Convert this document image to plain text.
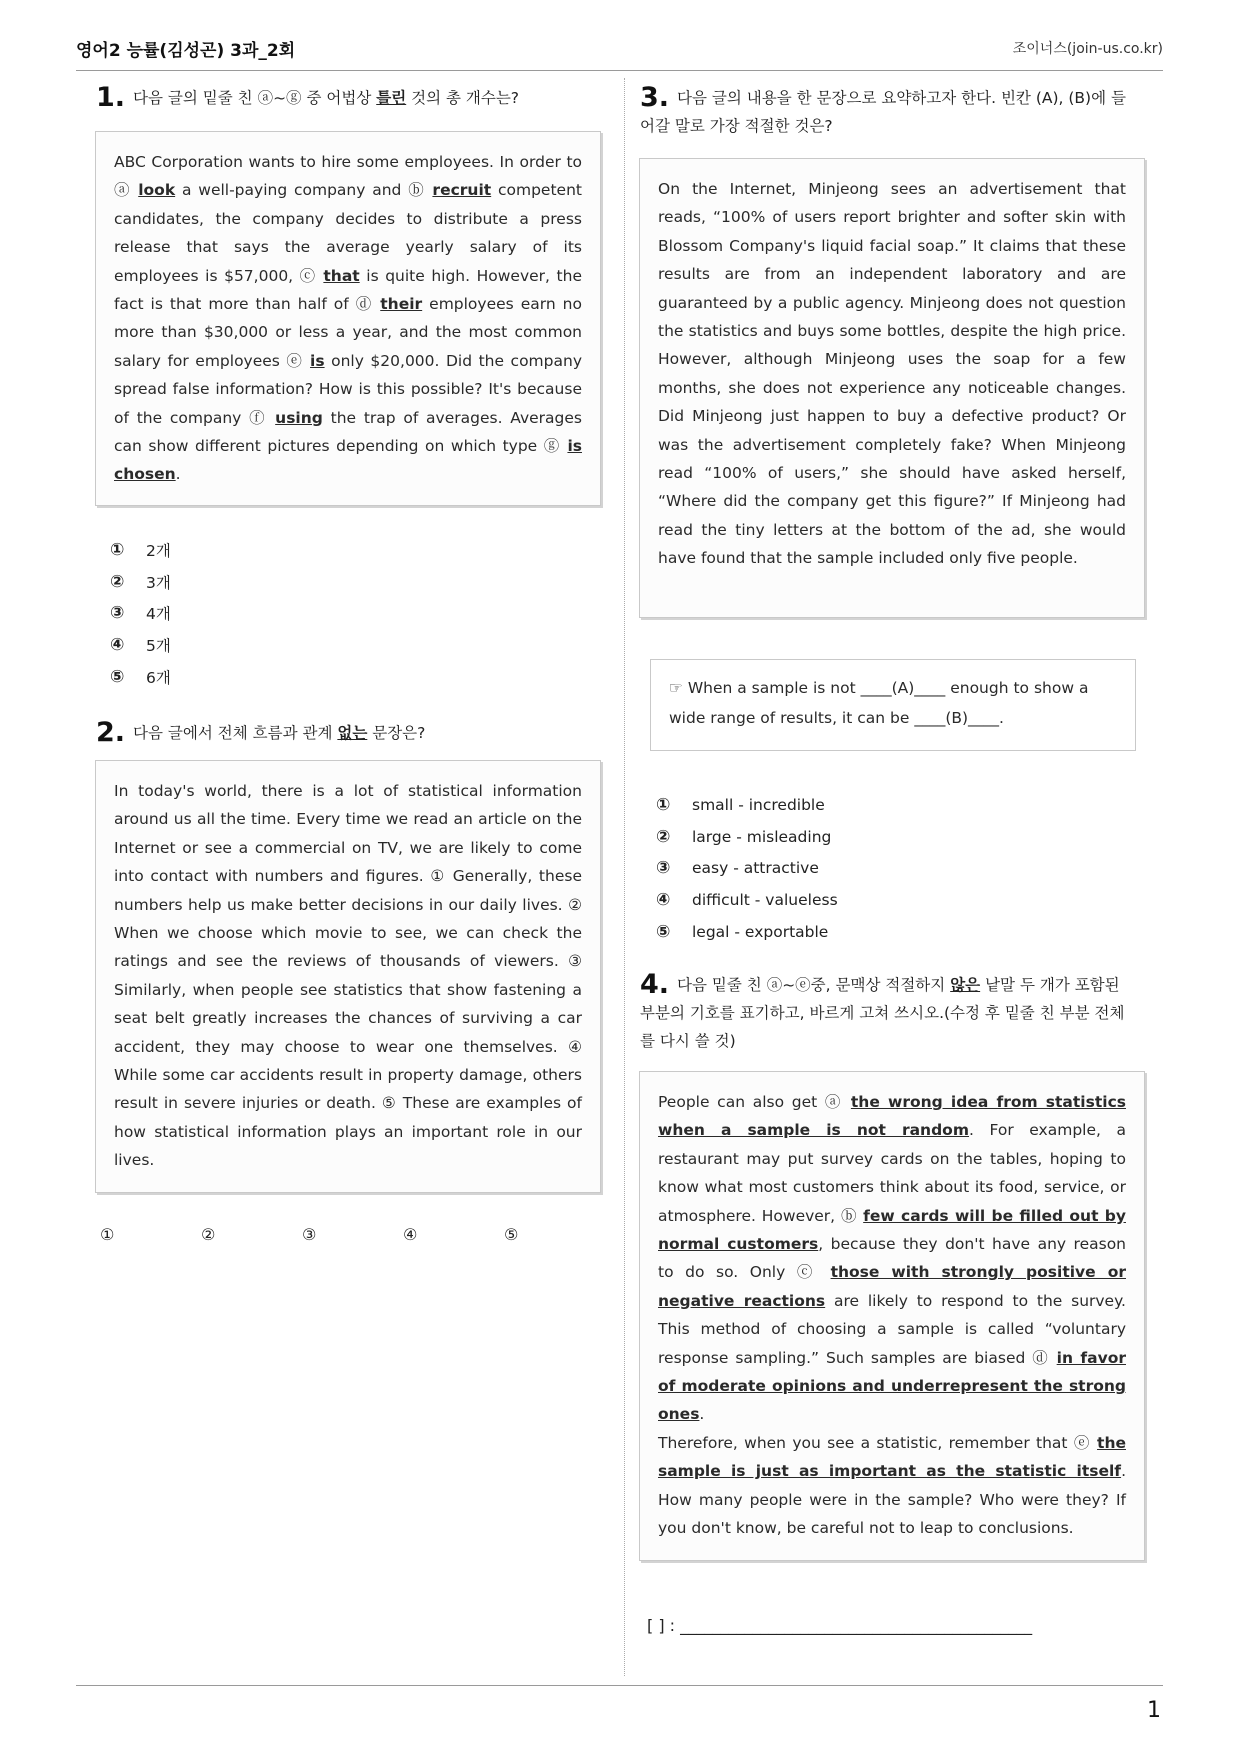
영어2 능률(김성곤) 3과_2회	조이너스(join-us.co.kr)
1. 다음 글의 밑줄 친 ⓐ~ⓖ 중 어법상 틀린 것의 총 개수는?
ABC Corporation wants to hire some employees. In order to ⓐ look a well-paying company and ⓑ recruit competent candidates, the company decides to distribute a press release that says the average yearly salary of its employees is $57,000, ⓒ that is quite high. However, the fact is that more than half of ⓓ their employees earn no more than $30,000 or less a year, and the most common salary for employees ⓔ is only $20,000. Did the company spread false information? How is this possible? It's because of the company ⓕ using the trap of averages. Averages can show different pictures depending on which type ⓖ is chosen.
①	2개
②	3개
③	4개
④	5개
⑤	6개
2. 다음 글에서 전체 흐름과 관계 없는 문장은?
In today's world, there is a lot of statistical information around us all the time. Every time we read an article on the Internet or see a commercial on TV, we are likely to come into contact with numbers and figures. ① Generally, these numbers help us make better decisions in our daily lives. ② When we choose which movie to see, we can check the ratings and see the reviews of thousands of viewers. ③ Similarly, when people see statistics that show fastening a seat belt greatly increases the chances of surviving a car accident, they may choose to wear one themselves. ④ While some car accidents result in property damage, others result in severe injuries or death. ⑤ These are examples of how statistical information plays an important role in our lives.
①	②	③	④	⑤
3. 다음 글의 내용을 한 문장으로 요약하고자 한다. 빈칸 (A), (B)에 들어갈 말로 가장 적절한 것은?
On the Internet, Minjeong sees an advertisement that reads, “100% of users report brighter and softer skin with Blossom Company's liquid facial soap.” It claims that these results are from an independent laboratory and are guaranteed by a public agency. Minjeong does not question the statistics and buys some bottles, despite the high price. However, although Minjeong uses the soap for a few months, she does not experience any noticeable changes. Did Minjeong just happen to buy a defective product? Or was the advertisement completely fake? When Minjeong read “100% of users,” she should have asked herself, “Where did the company get this figure?” If Minjeong had read the tiny letters at the bottom of the ad, she would have found that the sample included only five people.
☞ When a sample is not ____(A)____ enough to show a wide range of results, it can be ____(B)____.
①	small - incredible
②	large - misleading
③	easy - attractive
④	difficult - valueless
⑤	legal - exportable
4. 다음 밑줄 친 ⓐ~ⓔ중, 문맥상 적절하지 않은 낱말 두 개가 포함된 부분의 기호를 표기하고, 바르게 고쳐 쓰시오.(수정 후 밑줄 친 부분 전체를 다시 쓸 것)
People can also get ⓐ the wrong idea from statistics when a sample is not random. For example, a restaurant may put survey cards on the tables, hoping to know what most customers think about its food, service, or atmosphere. However, ⓑ few cards will be filled out by normal customers, because they don't have any reason to do so. Only ⓒ those with strongly positive or negative reactions are likely to respond to the survey. This method of choosing a sample is called “voluntary response sampling.” Such samples are biased ⓓ in favor of moderate opinions and underrepresent the strong ones.
Therefore, when you see a statistic, remember that ⓔ the sample is just as important as the statistic itself. How many people were in the sample? Who were they? If you don't know, be careful not to leap to conclusions.
[ ] : ____________________________________________
1
